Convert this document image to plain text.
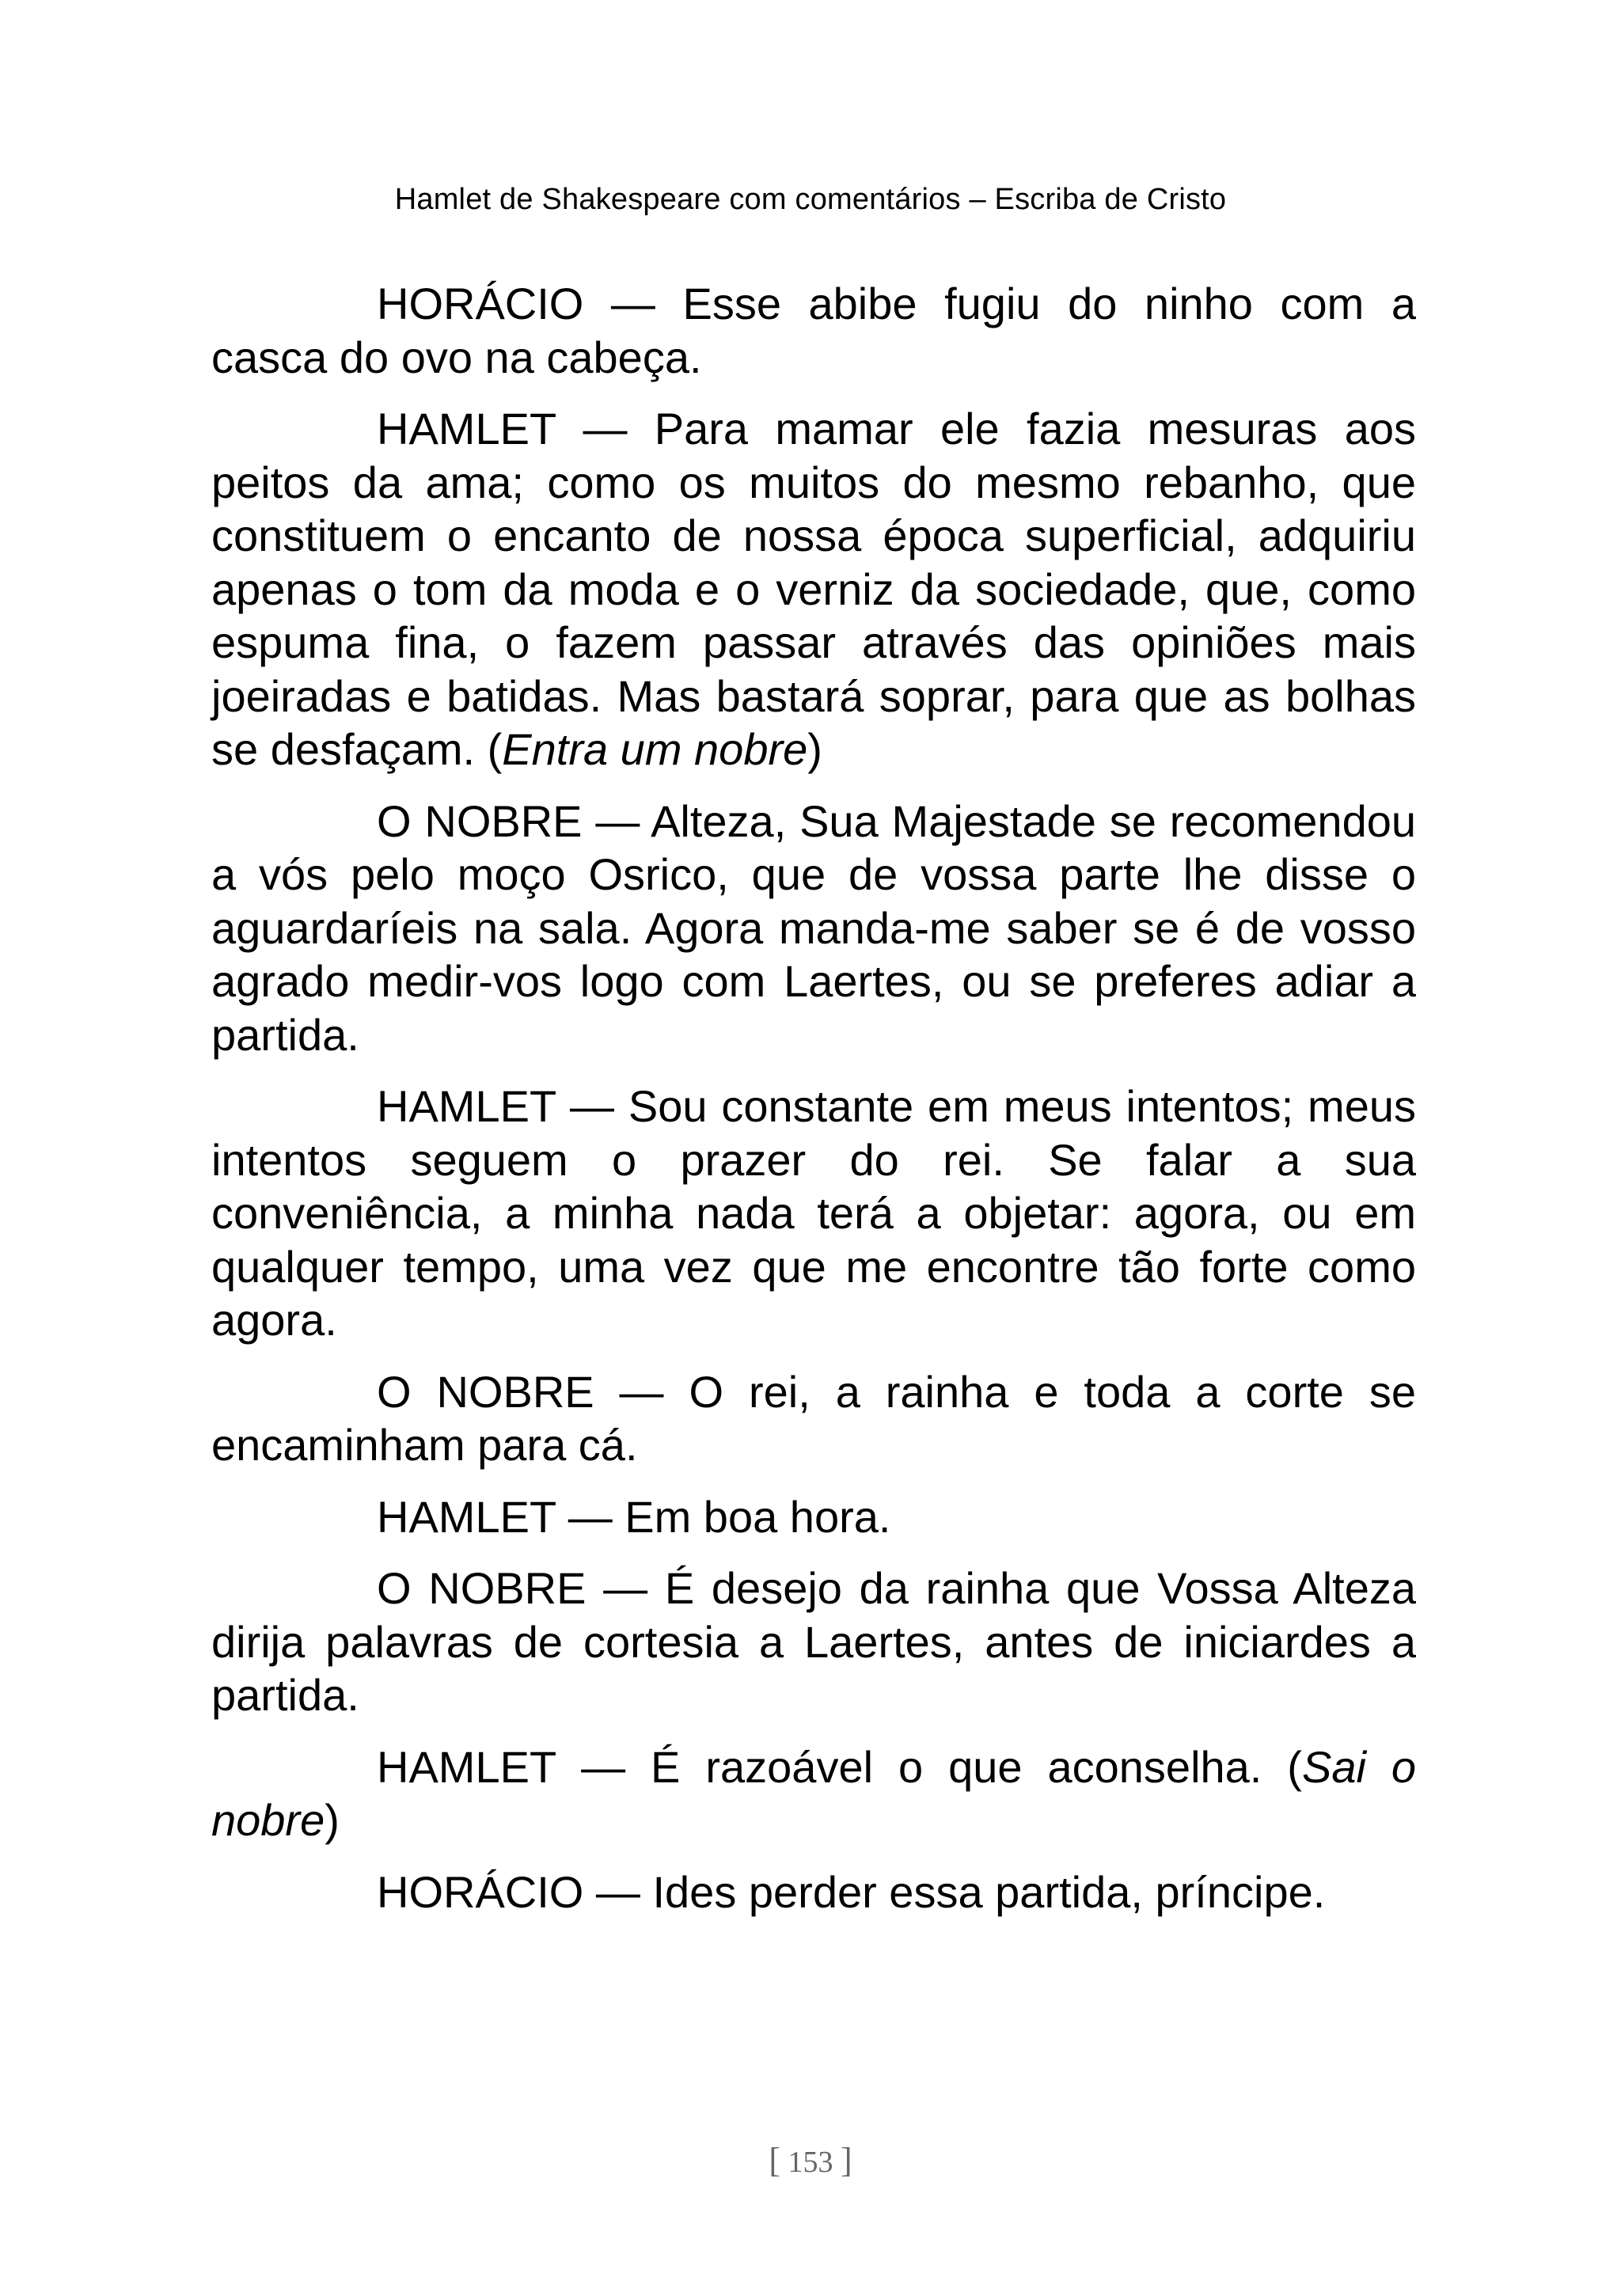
Hamlet de Shakespeare com comentários – Escriba de Cristo

HORÁCIO — Esse abibe fugiu do ninho com a casca do ovo na cabeça.

HAMLET — Para mamar ele fazia mesuras aos peitos da ama; como os muitos do mesmo rebanho, que constituem o encanto de nossa época superficial, adquiriu apenas o tom da moda e o verniz da sociedade, que, como espuma fina, o fazem passar através das opiniões mais joeiradas e batidas. Mas bastará soprar, para que as bolhas se desfaçam. (Entra um nobre)

O NOBRE — Alteza, Sua Majestade se recomendou a vós pelo moço Osrico, que de vossa parte lhe disse o aguardaríeis na sala. Agora manda-me saber se é de vosso agrado medir-vos logo com Laertes, ou se preferes adiar a partida.

HAMLET — Sou constante em meus intentos; meus intentos seguem o prazer do rei. Se falar a sua conveniência, a minha nada terá a objetar: agora, ou em qualquer tempo, uma vez que me encontre tão forte como agora.

O NOBRE — O rei, a rainha e toda a corte se encaminham para cá.

HAMLET — Em boa hora.

O NOBRE — É desejo da rainha que Vossa Alteza dirija palavras de cortesia a Laertes, antes de iniciardes a partida.

HAMLET — É razoável o que aconselha. (Sai o nobre)

HORÁCIO — Ides perder essa partida, príncipe.

[ 153 ]
